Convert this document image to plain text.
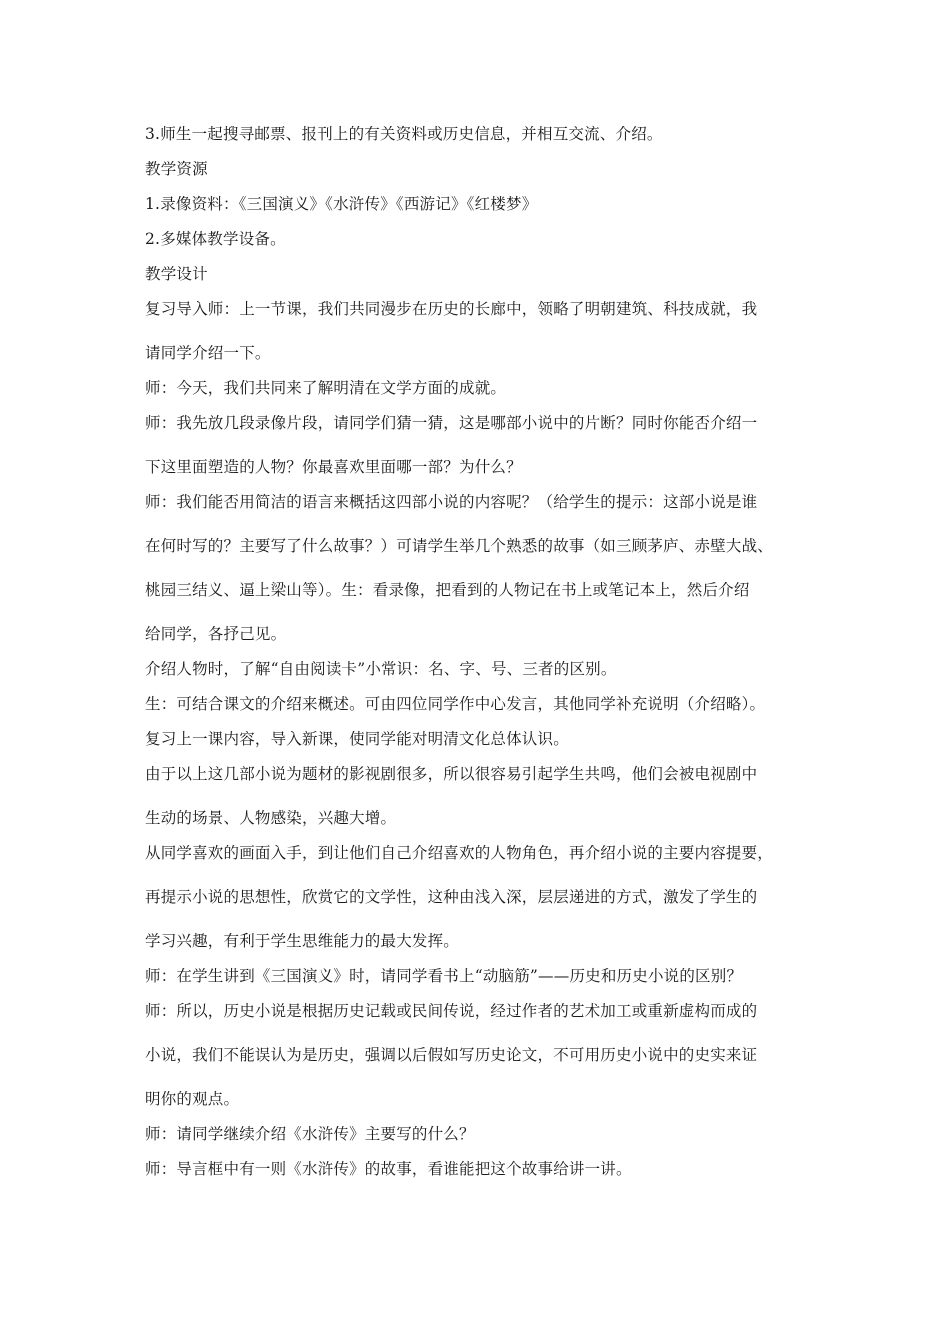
3.师生一起搜寻邮票、报刊上的有关资料或历史信息，并相互交流、介绍。
教学资源
1.录像资料：《三国演义》《水浒传》《西游记》《红楼梦》
2.多媒体教学设备。
教学设计
复习导入师：上一节课，我们共同漫步在历史的长廊中，领略了明朝建筑、科技成就，我
请同学介绍一下。
师：今天，我们共同来了解明清在文学方面的成就。
师：我先放几段录像片段，请同学们猜一猜，这是哪部小说中的片断？同时你能否介绍一
下这里面塑造的人物？你最喜欢里面哪一部？为什么？
师：我们能否用简洁的语言来概括这四部小说的内容呢？（给学生的提示：这部小说是谁
在何时写的？主要写了什么故事？）可请学生举几个熟悉的故事（如三顾茅庐、赤壁大战、
桃园三结义、逼上梁山等）。生：看录像，把看到的人物记在书上或笔记本上，然后介绍
给同学，各抒己见。
介绍人物时，了解“自由阅读卡”小常识：名、字、号、三者的区别。
生：可结合课文的介绍来概述。可由四位同学作中心发言，其他同学补充说明（介绍略）。
复习上一课内容，导入新课，使同学能对明清文化总体认识。
由于以上这几部小说为题材的影视剧很多，所以很容易引起学生共鸣，他们会被电视剧中
生动的场景、人物感染，兴趣大增。
从同学喜欢的画面入手，到让他们自己介绍喜欢的人物角色，再介绍小说的主要内容提要，
再提示小说的思想性，欣赏它的文学性，这种由浅入深，层层递进的方式，激发了学生的
学习兴趣，有利于学生思维能力的最大发挥。
师：在学生讲到《三国演义》时，请同学看书上“动脑筋”——历史和历史小说的区别？
师：所以，历史小说是根据历史记载或民间传说，经过作者的艺术加工或重新虚构而成的
小说，我们不能误认为是历史，强调以后假如写历史论文，不可用历史小说中的史实来证
明你的观点。
师：请同学继续介绍《水浒传》主要写的什么？
师：导言框中有一则《水浒传》的故事，看谁能把这个故事给讲一讲。
